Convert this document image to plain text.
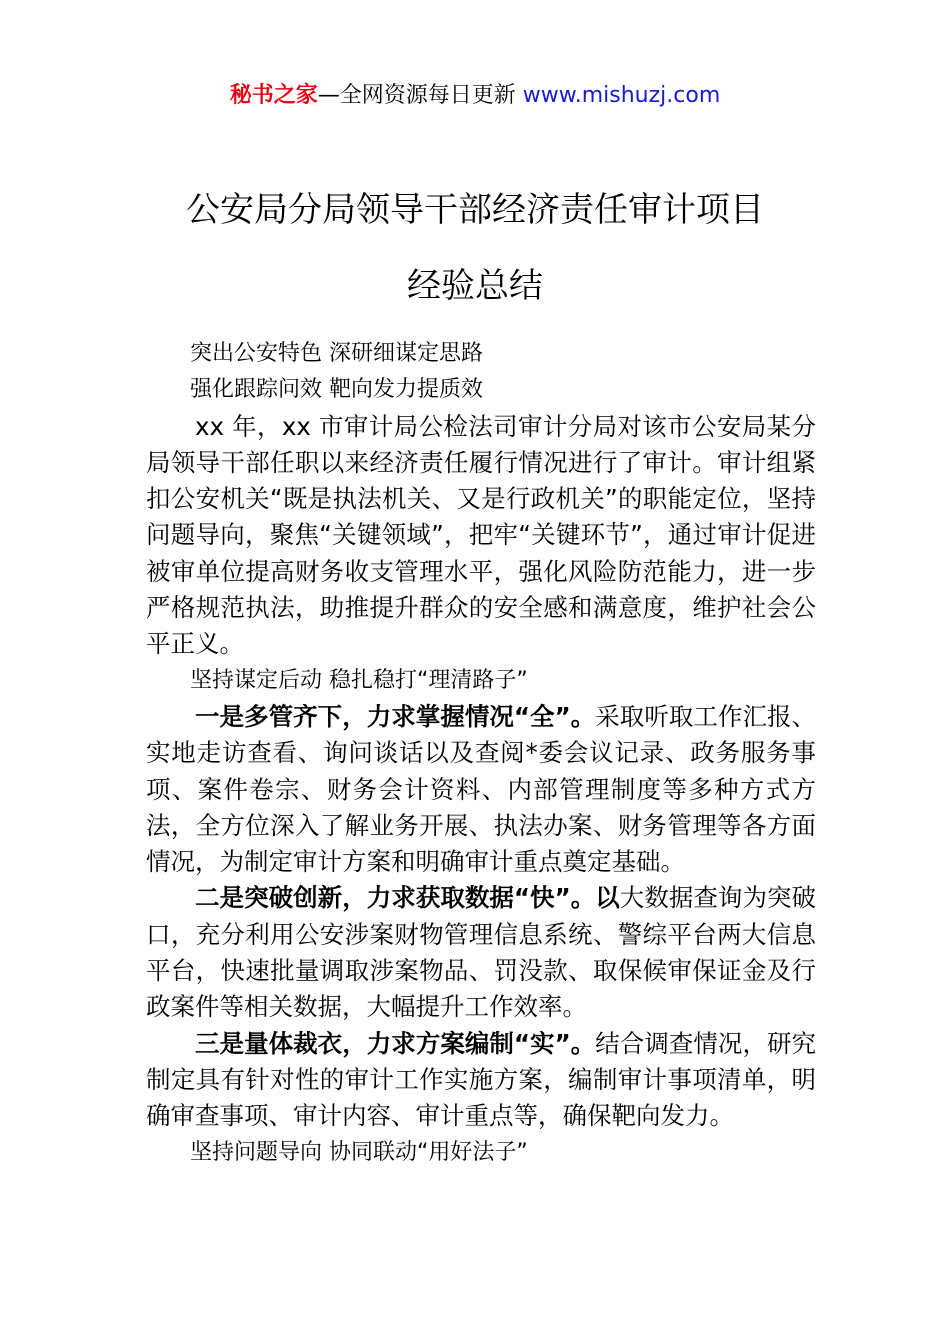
秘书之家—全网资源每日更新 www.mishuzj.com
公安局分局领导干部经济责任审计项目
经验总结

突出公安特色 深研细谋定思路

强化跟踪问效 靶向发力提质效

xx 年，xx 市审计局公检法司审计分局对该市公安局某分局领导干部任职以来经济责任履行情况进行了审计。审计组紧扣公安机关“既是执法机关、又是行政机关”的职能定位，坚持问题导向，聚焦“关键领域”，把牢“关键环节”，通过审计促进被审单位提高财务收支管理水平，强化风险防范能力，进一步严格规范执法，助推提升群众的安全感和满意度，维护社会公平正义。

坚持谋定后动 稳扎稳打“理清路子”

一是多管齐下，力求掌握情况“全”。采取听取工作汇报、实地走访查看、询问谈话以及查阅*委会议记录、政务服务事项、案件卷宗、财务会计资料、内部管理制度等多种方式方法，全方位深入了解业务开展、执法办案、财务管理等各方面情况，为制定审计方案和明确审计重点奠定基础。

二是突破创新，力求获取数据“快”。以大数据查询为突破口，充分利用公安涉案财物管理信息系统、警综平台两大信息平台，快速批量调取涉案物品、罚没款、取保候审保证金及行政案件等相关数据，大幅提升工作效率。

三是量体裁衣，力求方案编制“实”。结合调查情况，研究制定具有针对性的审计工作实施方案，编制审计事项清单，明确审查事项、审计内容、审计重点等，确保靶向发力。

坚持问题导向 协同联动“用好法子”
